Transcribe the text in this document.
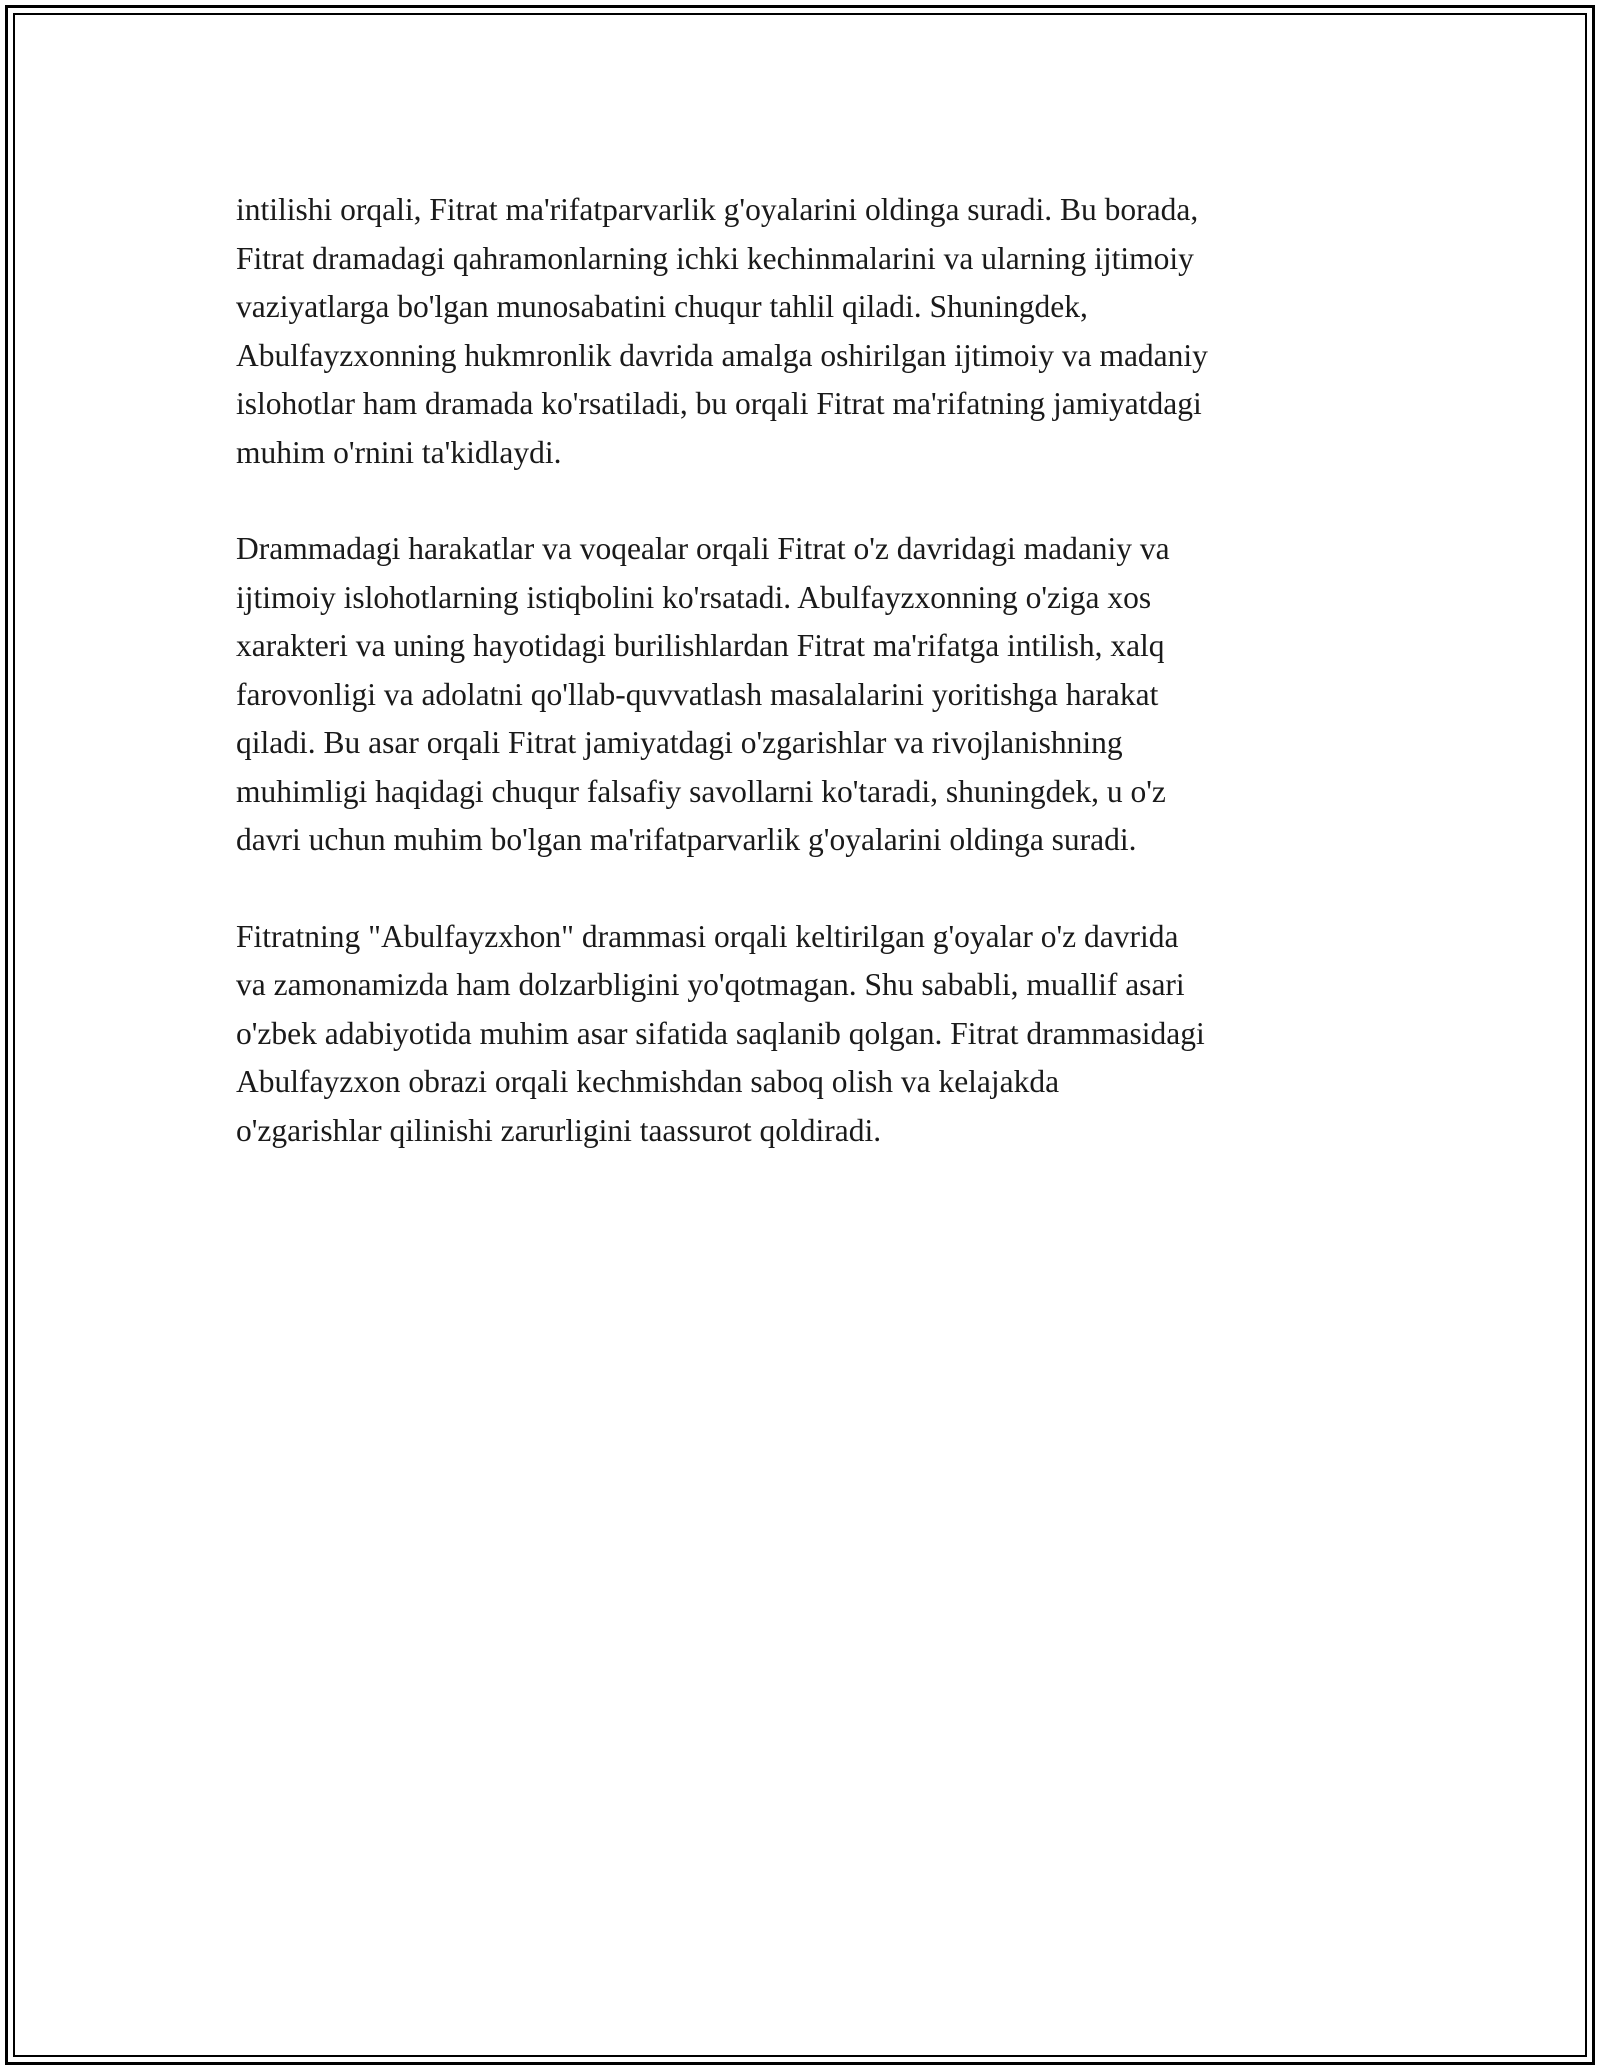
intilishi orqali, Fitrat ma'rifatparvarlik g'oyalarini oldinga suradi. Bu borada,
Fitrat dramadagi qahramonlarning ichki kechinmalarini va ularning ijtimoiy
vaziyatlarga bo'lgan munosabatini chuqur tahlil qiladi. Shuningdek,
Abulfayzxonning hukmronlik davrida amalga oshirilgan ijtimoiy va madaniy
islohotlar ham dramada ko'rsatiladi, bu orqali Fitrat ma'rifatning jamiyatdagi
muhim o'rnini ta'kidlaydi.

Drammadagi harakatlar va voqealar orqali Fitrat o'z davridagi madaniy va
ijtimoiy islohotlarning istiqbolini ko'rsatadi. Abulfayzxonning o'ziga xos
xarakteri va uning hayotidagi burilishlardan Fitrat ma'rifatga intilish, xalq
farovonligi va adolatni qo'llab-quvvatlash masalalarini yoritishga harakat
qiladi. Bu asar orqali Fitrat jamiyatdagi o'zgarishlar va rivojlanishning
muhimligi haqidagi chuqur falsafiy savollarni ko'taradi, shuningdek, u o'z
davri uchun muhim bo'lgan ma'rifatparvarlik g'oyalarini oldinga suradi.

Fitratning "Abulfayzxhon" drammasi orqali keltirilgan g'oyalar o'z davrida
va zamonamizda ham dolzarbligini yo'qotmagan. Shu sababli, muallif asari
o'zbek adabiyotida muhim asar sifatida saqlanib qolgan. Fitrat drammasidagi
Abulfayzxon obrazi orqali kechmishdan saboq olish va kelajakda
o'zgarishlar qilinishi zarurligini taassurot qoldiradi.
